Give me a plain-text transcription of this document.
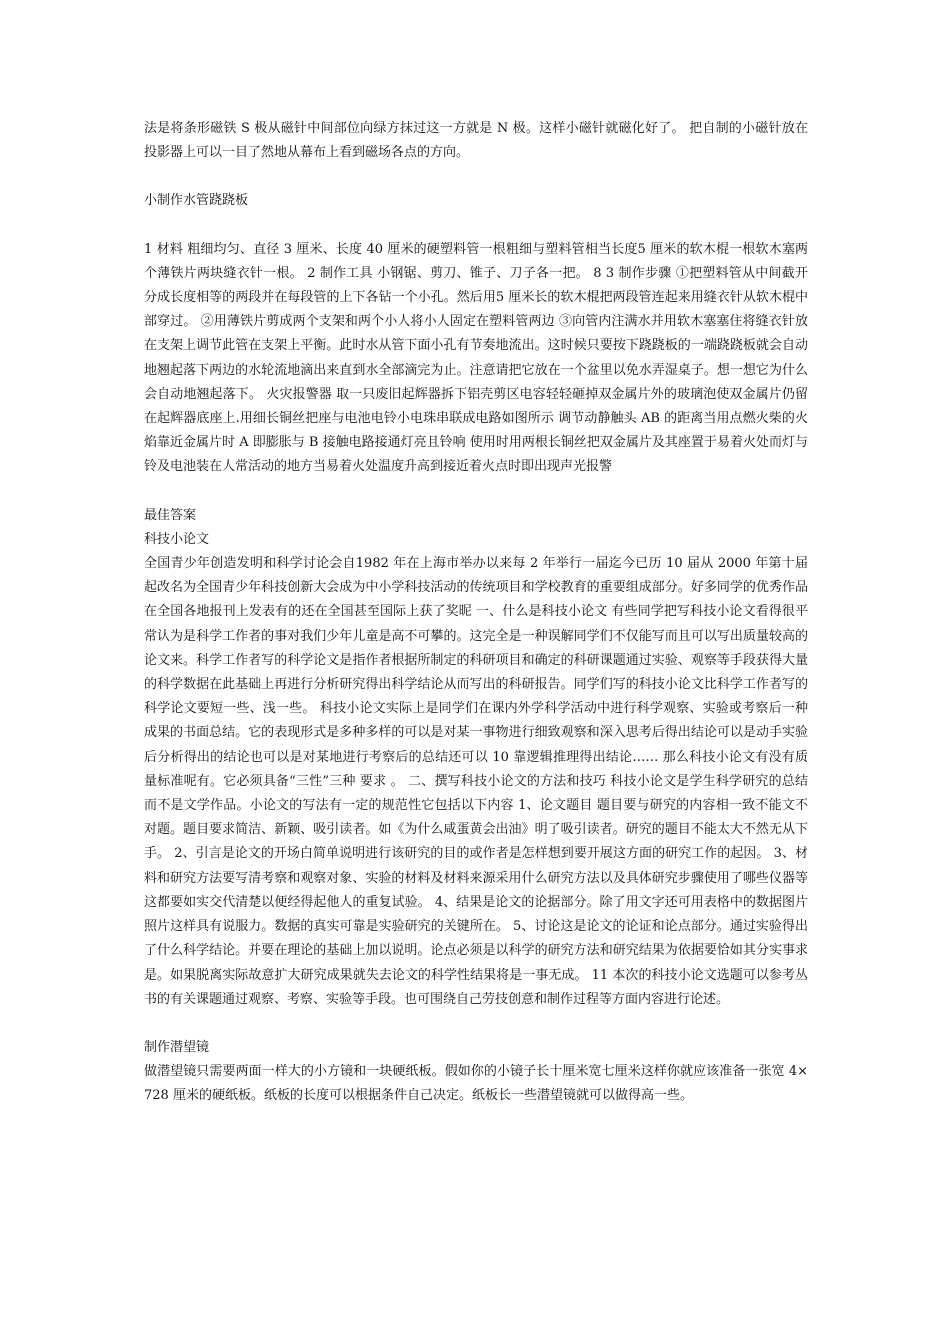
法是将条形磁铁 S 极从磁针中间部位向绿方抹过这一方就是 N 极。这样小磁针就磁化好了。 把自制的小磁针放在投影器上可以一目了然地从幕布上看到磁场各点的方向。

小制作水管跷跷板

1 材料 粗细均匀、直径 3 厘米、长度 40 厘米的硬塑料管一根粗细与塑料管相当长度5 厘米的软木棍一根软木塞两个薄铁片两块缝衣针一根。 2 制作工具 小钢锯、剪刀、锥子、刀子各一把。 8 3 制作步骤 ①把塑料管从中间截开分成长度相等的两段并在每段管的上下各钻一个小孔。然后用5 厘米长的软木棍把两段管连起来用缝衣针从软木棍中部穿过。 ②用薄铁片剪成两个支架和两个小人将小人固定在塑料管两边 ③向管内注满水并用软木塞塞住将缝衣针放在支架上调节此管在支架上平衡。此时水从管下面小孔有节奏地流出。这时候只要按下跷跷板的一端跷跷板就会自动地翘起落下两边的水轮流地滴出来直到水全部滴完为止。注意请把它放在一个盆里以免水弄湿桌子。想一想它为什么会自动地翘起落下。 火灾报警器 取一只废旧起辉器拆下铝壳剪区电容轻轻砸掉双金属片外的玻璃泡使双金属片仍留在起辉器底座上.用细长铜丝把座与电池电铃小电珠串联成电路如图所示 调节动静触头 AB 的距离当用点燃火柴的火焰靠近金属片时 A 即膨胀与 B 接触电路接通灯亮且铃响 使用时用两根长铜丝把双金属片及其座置于易着火处而灯与铃及电池装在人常活动的地方当易着火处温度升高到接近着火点时即出现声光报警

最佳答案

科技小论文

全国青少年创造发明和科学讨论会自1982 年在上海市举办以来每 2 年举行一届迄今已历 10 届从 2000 年第十届起改名为全国青少年科技创新大会成为中小学科技活动的传统项目和学校教育的重要组成部分。好多同学的优秀作品在全国各地报刊上发表有的还在全国甚至国际上获了奖昵 一、什么是科技小论文 有些同学把写科技小论文看得很平常认为是科学工作者的事对我们少年儿童是高不可攀的。这完全是一种误解同学们不仅能写而且可以写出质量较高的论文来。科学工作者写的科学论文是指作者根据所制定的科研项目和确定的科研课题通过实验、观察等手段获得大量的科学数据在此基础上再进行分析研究得出科学结论从而写出的科研报告。同学们写的科技小论文比科学工作者写的科学论文要短一些、浅一些。 科技小论文实际上是同学们在课内外学科学活动中进行科学观察、实验或考察后一种成果的书面总结。它的表现形式是多种多样的可以是对某一事物进行细致观察和深入思考后得出结论可以是动手实验后分析得出的结论也可以是对某地进行考察后的总结还可以 10 靠逻辑推理得出结论…… 那么科技小论文有没有质量标准呢有。它必须具备“三性”三种 要求 。 二、撰写科技小论文的方法和技巧 科技小论文是学生科学研究的总结而不是文学作品。小论文的写法有一定的规范性它包括以下内容 1、论文题目 题目要与研究的内容相一致不能文不对题。题目要求简洁、新颖、吸引读者。如《为什么咸蛋黄会出油》明了吸引读者。研究的题目不能太大不然无从下手。 2、引言是论文的开场白简单说明进行该研究的目的或作者是怎样想到要开展这方面的研究工作的起因。 3、材料和研究方法要写清考察和观察对象、实验的材料及材料来源采用什么研究方法以及具体研究步骤使用了哪些仪器等这都要如实交代清楚以便经得起他人的重复试验。 4、结果是论文的论据部分。除了用文字还可用表格中的数据图片照片这样具有说服力。数据的真实可靠是实验研究的关键所在。 5、讨论这是论文的论证和论点部分。通过实验得出了什么科学结论。并要在理论的基础上加以说明。论点必须是以科学的研究方法和研究结果为依据要恰如其分实事求是。如果脱离实际故意扩大研究成果就失去论文的科学性结果将是一事无成。 11 本次的科技小论文选题可以参考丛书的有关课题通过观察、考察、实验等手段。也可围绕自己劳技创意和制作过程等方面内容进行论述。

制作潜望镜

做潜望镜只需要两面一样大的小方镜和一块硬纸板。假如你的小镜子长十厘米宽七厘米这样你就应该准备一张宽 4×728 厘米的硬纸板。纸板的长度可以根据条件自己决定。纸板长一些潜望镜就可以做得高一些。
